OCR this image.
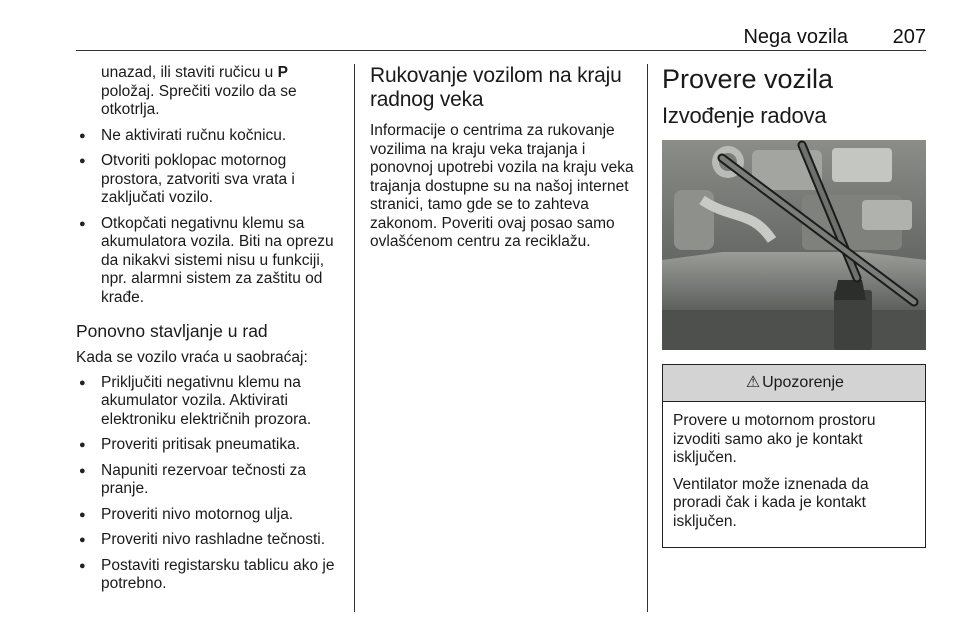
Nega vozila 207

unazad, ili staviti ručicu u P položaj. Sprečiti vozilo da se otkotrlja.

● Ne aktivirati ručnu kočnicu.
● Otvoriti poklopac motornog prostora, zatvoriti sva vrata i zaključati vozilo.
● Otkopčati negativnu klemu sa akumulatora vozila. Biti na oprezu da nikakvi sistemi nisu u funkciji, npr. alarmni sistem za zaštitu od krađe.
Ponovno stavljanje u rad

Kada se vozilo vraća u saobraćaj:

● Priključiti negativnu klemu na akumulator vozila. Aktivirati elektroniku električnih prozora.
● Proveriti pritisak pneumatika.
● Napuniti rezervoar tečnosti za pranje.
● Proveriti nivo motornog ulja.
● Proveriti nivo rashladne tečnosti.
● Postaviti registarsku tablicu ako je potrebno.
Rukovanje vozilom na kraju radnog veka

Informacije o centrima za rukovanje vozilima na kraju veka trajanja i ponovnoj upotrebi vozila na kraju veka trajanja dostupne su na našoj internet stranici, tamo gde se to zahteva zakonom. Poveriti ovaj posao samo ovlašćenom centru za reciklažu.

Provere vozila
Izvođenje radova
⚠ Upozorenje

Provere u motornom prostoru izvoditi samo ako je kontakt isključen.

Ventilator može iznenada da proradi čak i kada je kontakt isključen.
